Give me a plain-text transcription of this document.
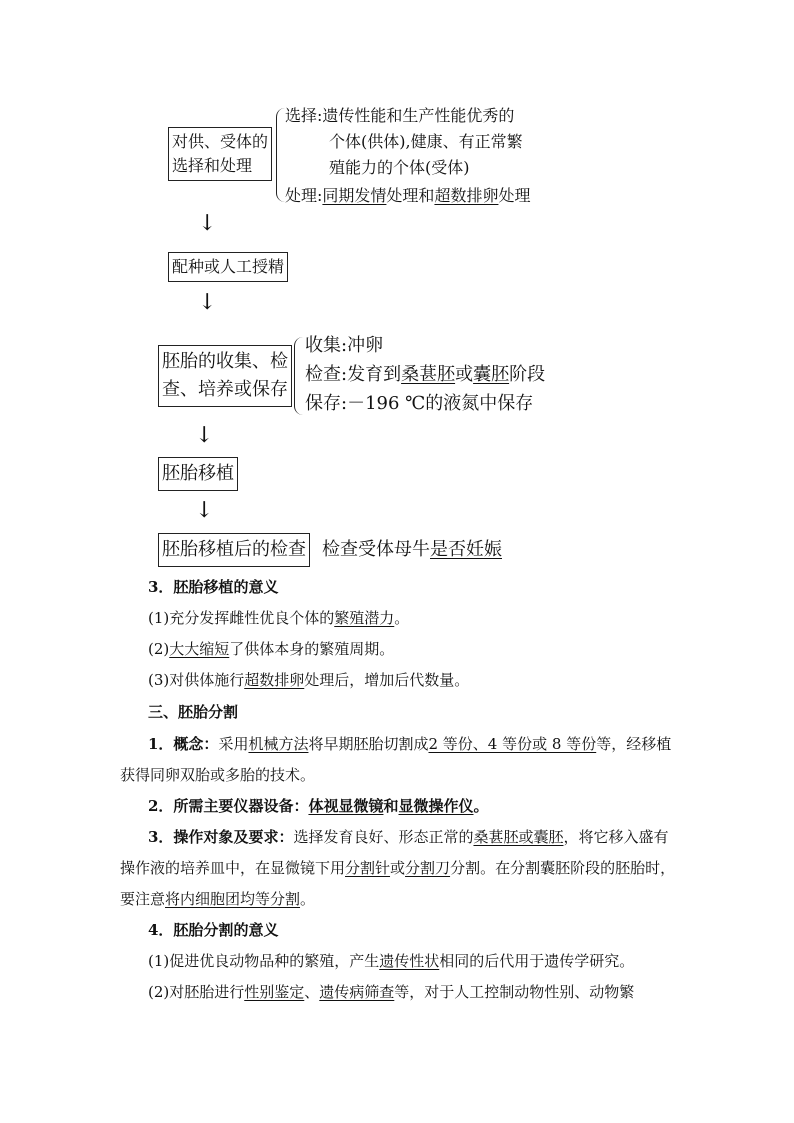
对供、受体的
选择和处理
选择:遗传性能和生产性能优秀的
个体(供体),健康、有正常繁
殖能力的个体(受体)
处理:同期发情处理和超数排卵处理
↓
配种或人工授精
↓
胚胎的收集、检
查、培养或保存
收集:冲卵
检查:发育到桑葚胚或囊胚阶段
保存:－196 ℃的液氮中保存
↓
胚胎移植
↓
胚胎移植后的检查 检查受体母牛是否妊娠
3．胚胎移植的意义
(1)充分发挥雌性优良个体的繁殖潜力。
(2)大大缩短了供体本身的繁殖周期。
(3)对供体施行超数排卵处理后，增加后代数量。
三、胚胎分割
1．概念：采用机械方法将早期胚胎切割成2 等份、4 等份或 8 等份等，经移植获得同卵双胎或多胎的技术。
2．所需主要仪器设备：体视显微镜和显微操作仪。
3．操作对象及要求：选择发育良好、形态正常的桑葚胚或囊胚，将它移入盛有操作液的培养皿中，在显微镜下用分割针或分割刀分割。在分割囊胚阶段的胚胎时，要注意将内细胞团均等分割。
4．胚胎分割的意义
(1)促进优良动物品种的繁殖，产生遗传性状相同的后代用于遗传学研究。
(2)对胚胎进行性别鉴定、遗传病筛查等，对于人工控制动物性别、动物繁
